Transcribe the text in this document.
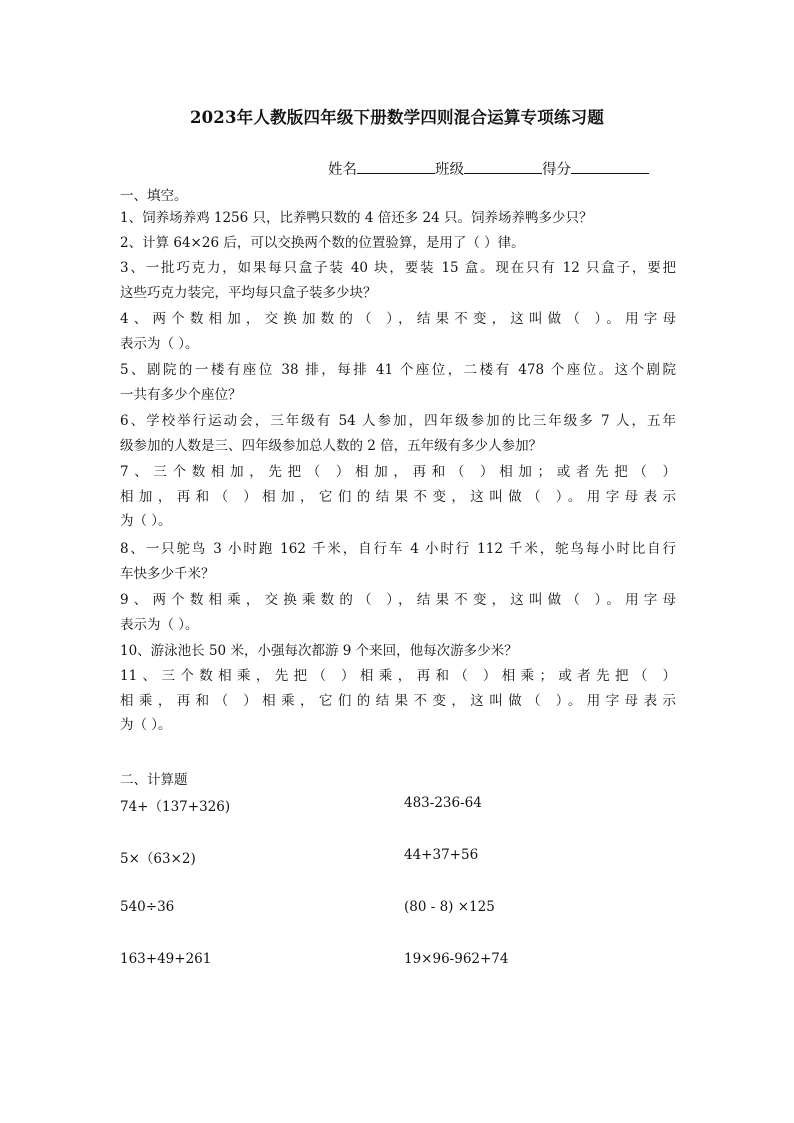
2023年人教版四年级下册数学四则混合运算专项练习题
姓名	班级	得分
一、填空。
1、饲养场养鸡 1256 只，比养鸭只数的 4 倍还多 24 只。饲养场养鸭多少只？
2、计算 64×26 后，可以交换两个数的位置验算，是用了（ ）律。
3、一批巧克力，如果每只盒子装 40 块，要装 15 盒。现在只有 12 只盒子，要把
这些巧克力装完，平均每只盒子装多少块？
4、两个数相加，交换加数的（ ），结果不变，这叫做（ ）。用字母
表示为（ ）。
5、剧院的一楼有座位 38 排，每排 41 个座位，二楼有 478 个座位。这个剧院
一共有多少个座位？
6、学校举行运动会，三年级有 54 人参加，四年级参加的比三年级多 7 人，五年
级参加的人数是三、四年级参加总人数的 2 倍，五年级有多少人参加？
7、三个数相加，先把（ ）相加，再和（ ）相加；或者先把（ ）
相加，再和（ ）相加，它们的结果不变，这叫做（ ）。用字母表示
为（ ）。
8、一只鸵鸟 3 小时跑 162 千米，自行车 4 小时行 112 千米，鸵鸟每小时比自行
车快多少千米？
9、两个数相乘，交换乘数的（ ），结果不变，这叫做（ ）。用字母
表示为（ ）。
10、游泳池长 50 米，小强每次都游 9 个来回，他每次游多少米？
11、三个数相乘，先把（ ）相乘，再和（ ）相乘；或者先把（ ）
相乘，再和（ ）相乘，它们的结果不变，这叫做（ ）。用字母表示
为（ ）。
二、计算题
74+（137+326)	483-236-64
5×（63×2)	44+37+56
540÷36	(80 - 8) ×125
163+49+261	19×96-962+74
